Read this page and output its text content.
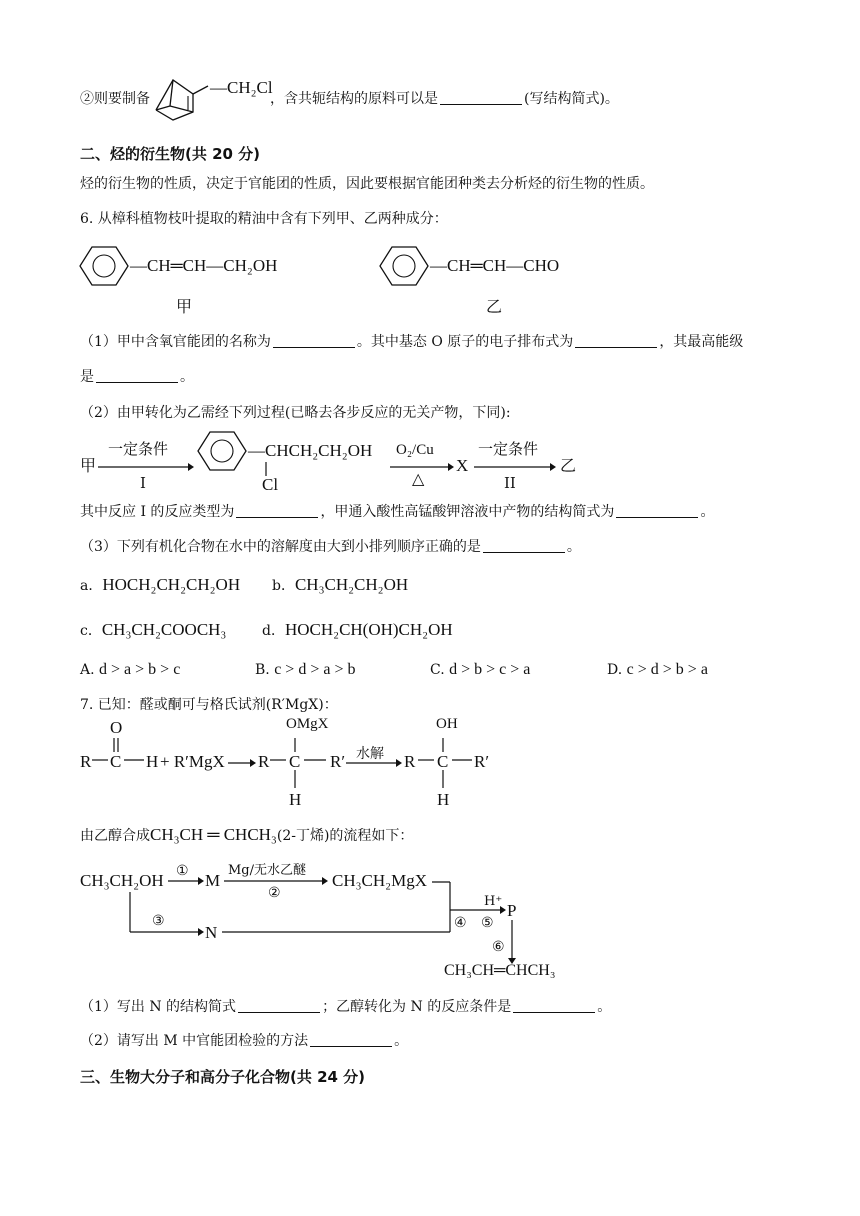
②则要制备
—CH₂Cl
，含共轭结构的原料可以是	(写结构简式)。
二、烃的衍生物(共 20 分)
烃的衍生物的性质，决定于官能团的性质，因此要根据官能团种类去分析烃的衍生物的性质。
6. 从樟科植物枝叶提取的精油中含有下列甲、乙两种成分：
—CH═CH—CH₂OH
甲
—CH═CH—CHO
乙
（1）甲中含氧官能团的名称为	。其中基态 O 原子的电子排布式为	，其最高能级
是	。
（2）由甲转化为乙需经下列过程(已略去各步反应的无关产物，下同):
甲
一定条件
I
—CHCH₂CH₂OH
Cl
O₂/Cu
△
X
一定条件
II
乙
其中反应 I 的反应类型为	，甲通入酸性高锰酸钾溶液中产物的结构简式为	。
（3）下列有机化合物在水中的溶解度由大到小排列顺序正确的是	。
a．HOCH₂CH₂CH₂OH b．CH₃CH₂CH₂OH
c．CH₃CH₂COOCH₃	d．HOCH₂CH(OH)CH₂OH
A. d > a > b > c	B. c > d > a > b	C. d > b > c > a	D. c > d > b > a
7. 已知：醛或酮可与格氏试剂(R′MgX)：
R
O
C H + R′MgX R
OMgX
C R′
H
水解 R
OH
C R′
H
由乙醇合成CH₃CH ═ CHCH₃(2-丁烯)的流程如下：
CH₃CH₂OH ① M
Mg/无水乙醚
②
CH₃CH₂MgX
③
N	④ ⑤
H⁺ P
⑥
CH₃CH═CHCH₃
（1）写出 N 的结构简式	；乙醇转化为 N 的反应条件是	。
（2）请写出 M 中官能团检验的方法	。
三、生物大分子和高分子化合物(共 24 分)
